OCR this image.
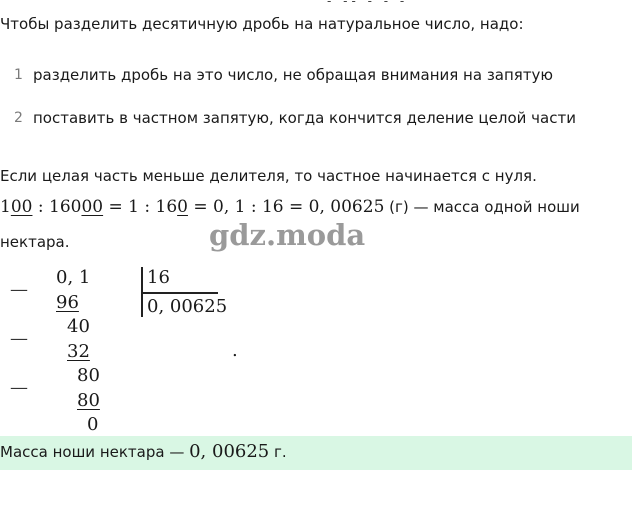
- -- - - -
Чтобы разделить десятичную дробь на натуральное число, надо:
1 разделить дробь на это число, не обращая внимания на запятую
2 поставить в частном запятую, когда кончится деление целой части
Если целая часть меньше делителя, то частное начинается с нуля.
100 : 16000 = 1 : 160 = 0, 1 : 16 = 0, 00625 (г) — масса одной ноши
нектара.	gdz.moda
—
—
—
0, 1
96
40
32
80
80
0
16
0, 00625
.
Масса ноши нектара — 0, 00625 г.
